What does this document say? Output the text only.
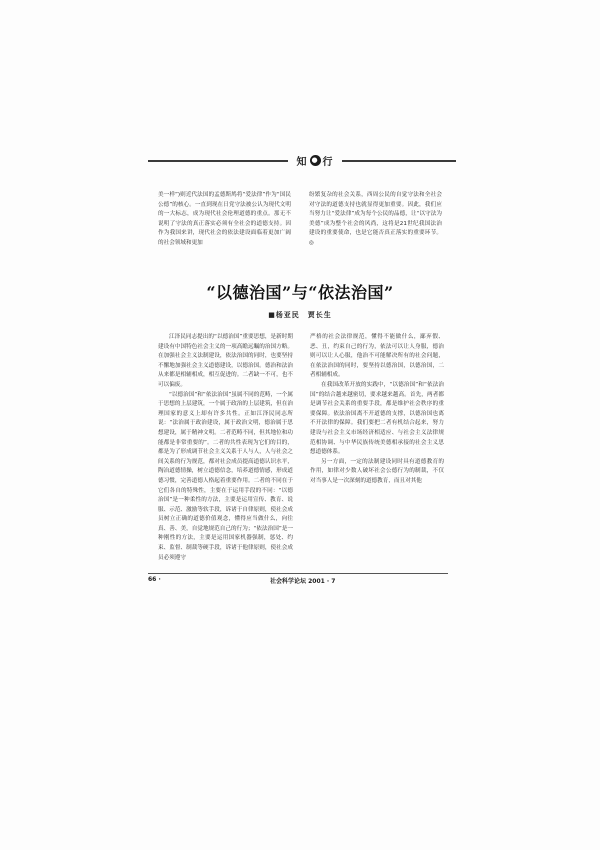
知 ● 行

美一样”)则近代法国的孟德斯鸠将“爱法律”作为“国民公德”的核心。一直到现在日党守法被公认为现代文明的一大标志，成为现代社会伦理道德的重点。那无不说明了守法的真正落实必须有全社会的道德支持。因作为我国来讲，现代社会的依法建设面临着更加广阔的社会领域和更加

纷繁复杂的社会关系，西周公民的自觉守法和全社会对守法的道德支持也就显得更加重要。因此，我们应当努力让“爱法律”成为每个公民的品德，让“以守法为美德”成为整个社会的风尚，这将是21世纪我国法治建设的重要使命，也是它能否真正落实的重要环节。◎

“以德治国”与“依法治国”
■杨亚民　贾长生

江泽民同志提出的“以德治国”重要思想，是新时期建设有中国特色社会主义的一项高瞻远瞩的治国方略。在加强社会主义法制建设，依法治国的同时，也要坚持不懈地加强社会主义道德建设，以德治国。德治和法治从来都是相辅相成，相互促进的。二者缺一不可，也不可以偏废。

“以德治国”和“依法治国”虽属不同的范畴，一个属于思想的上层建筑，一个属于政治的上层建筑，但在治理国家的意义上却有许多共性。正如江泽民同志所说：“法治属于政治建设，属于政治文明，德治属于思想建设，属于精神文明。二者范畴不同，但其地位和功能都是非常重要的”。二者的共性表现为它们的目的，都是为了形成调节社会主义关系于人与人，人与社会之间关系的行为规范，都对社会成员提高道德认识水平，陶冶道德情操，树立道德信念，培养道德情感，形成道德习惯，完善道德人格起着重要作用。二者的不同在于它们各自的特殊性，主要在于运用手段的不同：“以德治国”是一种柔性的方法，主要是运用宣传、教育、说服、示范、激励等软手段，诉诸于自律原则，使社会成员树立正确的道德价值观念，懂得应当做什么，向往真、善、美，自觉地规范自己的行为；“依法治国”是一种刚性的方法，主要是运用国家机器强制，惩处、约束、监督、制裁等硬手段，诉诸于他律原则，使社会成员必须遵守

严格的社会法律规范，懂得不能做什么，鄙弃假、恶、丑，约束自己的行为，依法可以让人身服，德治则可以让人心服，他治不可能解决所有的社会问题，在依法治国的同时，要坚持以德治国，以德治国，二者相辅相成。

在我国改革开放的实践中，“以德治国”和“依法治国”的结合越来越密切，要求越来越高。首先，两者都是调节社会关系的重要手段，都是维护社会秩序的重要保障。依法治国离不开道德的支撑，以德治国也离不开法律的保障。我们要把二者有机结合起来，努力建设与社会主义市场经济相适应、与社会主义法律规范相协调、与中华民族传统美德相承接的社会主义思想道德体系。

另一方面，一定的法制建设同时具有道德教育的作用，如律对少数人破坏社会公德行为的制裁，不仅对当事人是一次深刻的道德教育，而且对其他

66 ·	社会科学论坛 2001 · 7
